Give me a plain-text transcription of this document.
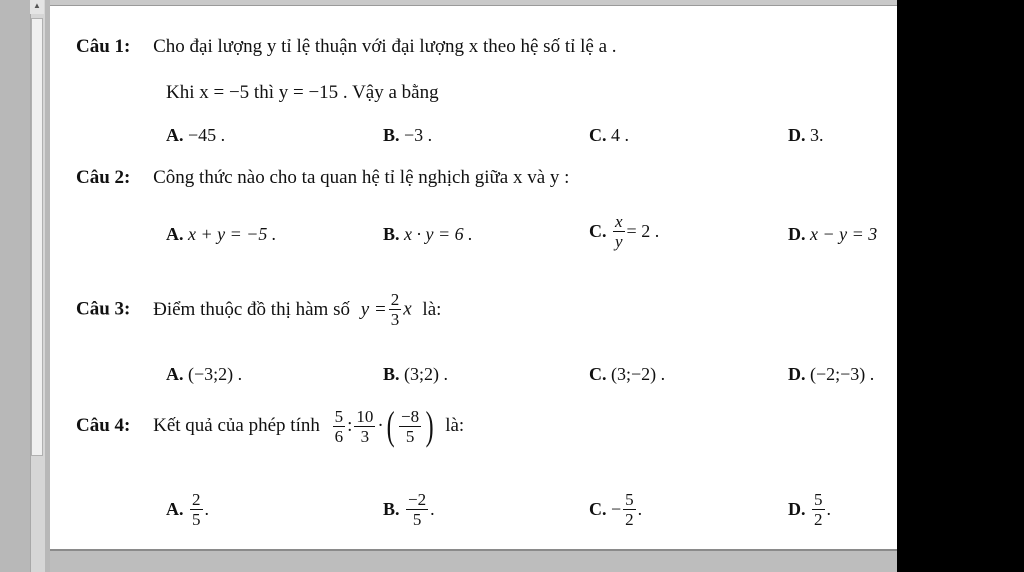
▲
Câu 1: Cho đại lượng y tỉ lệ thuận với đại lượng x theo hệ số tỉ lệ a .
Khi x = −5 thì y = −15 . Vậy a bằng
A. −45 .	B. −3 .	C. 4 .	D. 3.
Câu 2: Công thức nào cho ta quan hệ tỉ lệ nghịch giữa x và y :
A. x + y = −5 .	B. x · y = 6 .	C. $\frac{x}{y} = 2$ .	D. x − y = 3
Câu 3: Điểm thuộc đồ thị hàm số $y = \frac{2}{3}$ x là:
A. (−3;2) .	B. (3;2) .	C. (3;−2) .	D. (−2;−3) .
Câu 4: Kết quả của phép tính $\frac{5}{6}$ : $\frac{10}{3}$ ·( $\frac{-8}{5}$ ) là:
A. $\frac{2}{5}$ .	B. $\frac{-2}{5}$ .	C. − $\frac{5}{2}$ .	D. $\frac{5}{2}$ .
